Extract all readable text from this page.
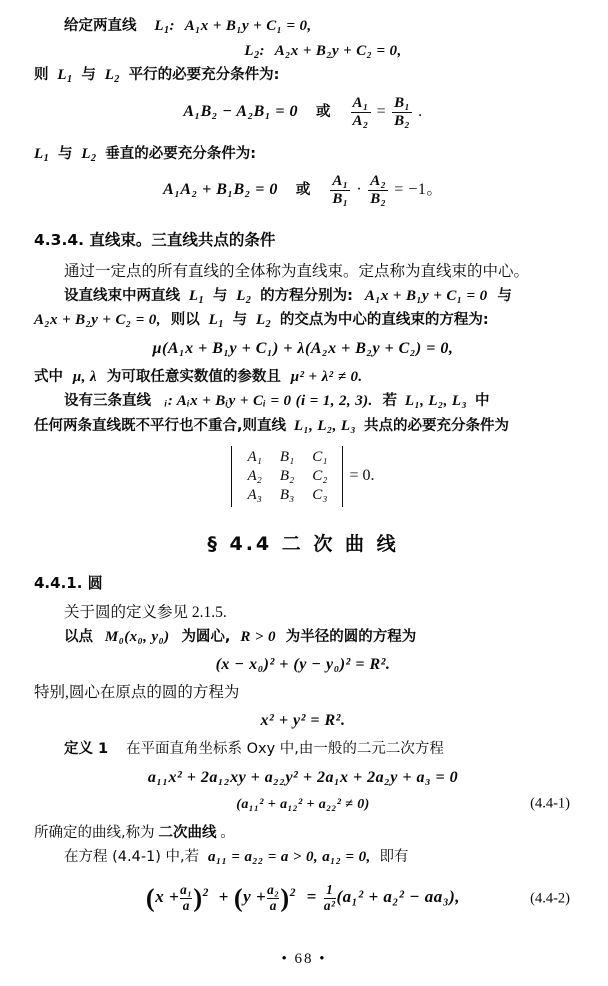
给定两直线 $L_1$: A₁x + B₁y + C₁ = 0,
$L_2$: A₂x + B₂y + C₂ = 0,
则 $L_1$ 与 $L_2$ 平行的必要充分条件为:
A₁B₂ − A₂B₁ = 0 或 $\frac{\text{A₁}}{\text{A₂}} = \frac{\text{B₁}}{\text{B₂}}$ .
$L_1$ 与 $L_2$ 垂直的必要充分条件为:
A₁A₂ + B₁B₂ = 0 或 $\frac{\text{A₁}}{\text{B₁}} \cdot \frac{\text{A₂}}{\text{B₂}} = -1$。
4.3.4. 直线束。三直线共点的条件
通过一定点的所有直线的全体称为直线束。定点称为直线束的中心。
设直线束中两直线 $L_1$ 与 $L_2$ 的方程分别为: A₁x + B₁y + C₁ = 0 与
A₂x + B₂y + C₂ = 0, 则以 $L_1$ 与 $L_2$ 的交点为中心的直线束的方程为:
μ(A₁x + B₁y + C₁) + λ(A₂x + B₂y + C₂) = 0,
式中 μ, λ 为可取任意实数值的参数且 μ² + λ² ≠ 0.
设有三条直线 ᵢ: Aᵢx + Bᵢy + Cᵢ = 0 (i = 1, 2, 3). 若 L₁, L₂, L₃ 中
任何两条直线既不平行也不重合,则直线 L₁, L₂, L₃ 共点的必要充分条件为
A₁	B₁	C₁
A₂	B₂	C₂
A₃	B₃	C₃
= 0.
§ 4.4 二 次 曲 线
4.4.1. 圆
关于圆的定义参见 2.1.5.
以点 M₀(x₀, y₀) 为圆心, R > 0 为半径的圆的方程为
(x − x₀)² + (y − y₀)² = R².
特别,圆心在原点的圆的方程为
x² + y² = R².
定义 1 在平面直角坐标系 Oxy 中,由一般的二元二次方程
a₁₁x² + 2a₁₂xy + a₂₂y² + 2a₁x + 2a₂y + a₃ = 0
(a₁₁² + a₁₂² + a₂₂² ≠ 0)	(4.4-1)
所确定的曲线,称为 二次曲线 。
在方程 (4.4-1) 中,若 a₁₁ = a₂₂ = a > 0, a₁₂ = 0, 即有
$(x + \frac{\text{a₁}}{a} )^2 + (y + \frac{\text{a₂}}{a} )^2 = \frac{1}{\text{a²}} (a_1^2 + a_2^2 - aa_3)$,	(4.4-2)
• 68 •
